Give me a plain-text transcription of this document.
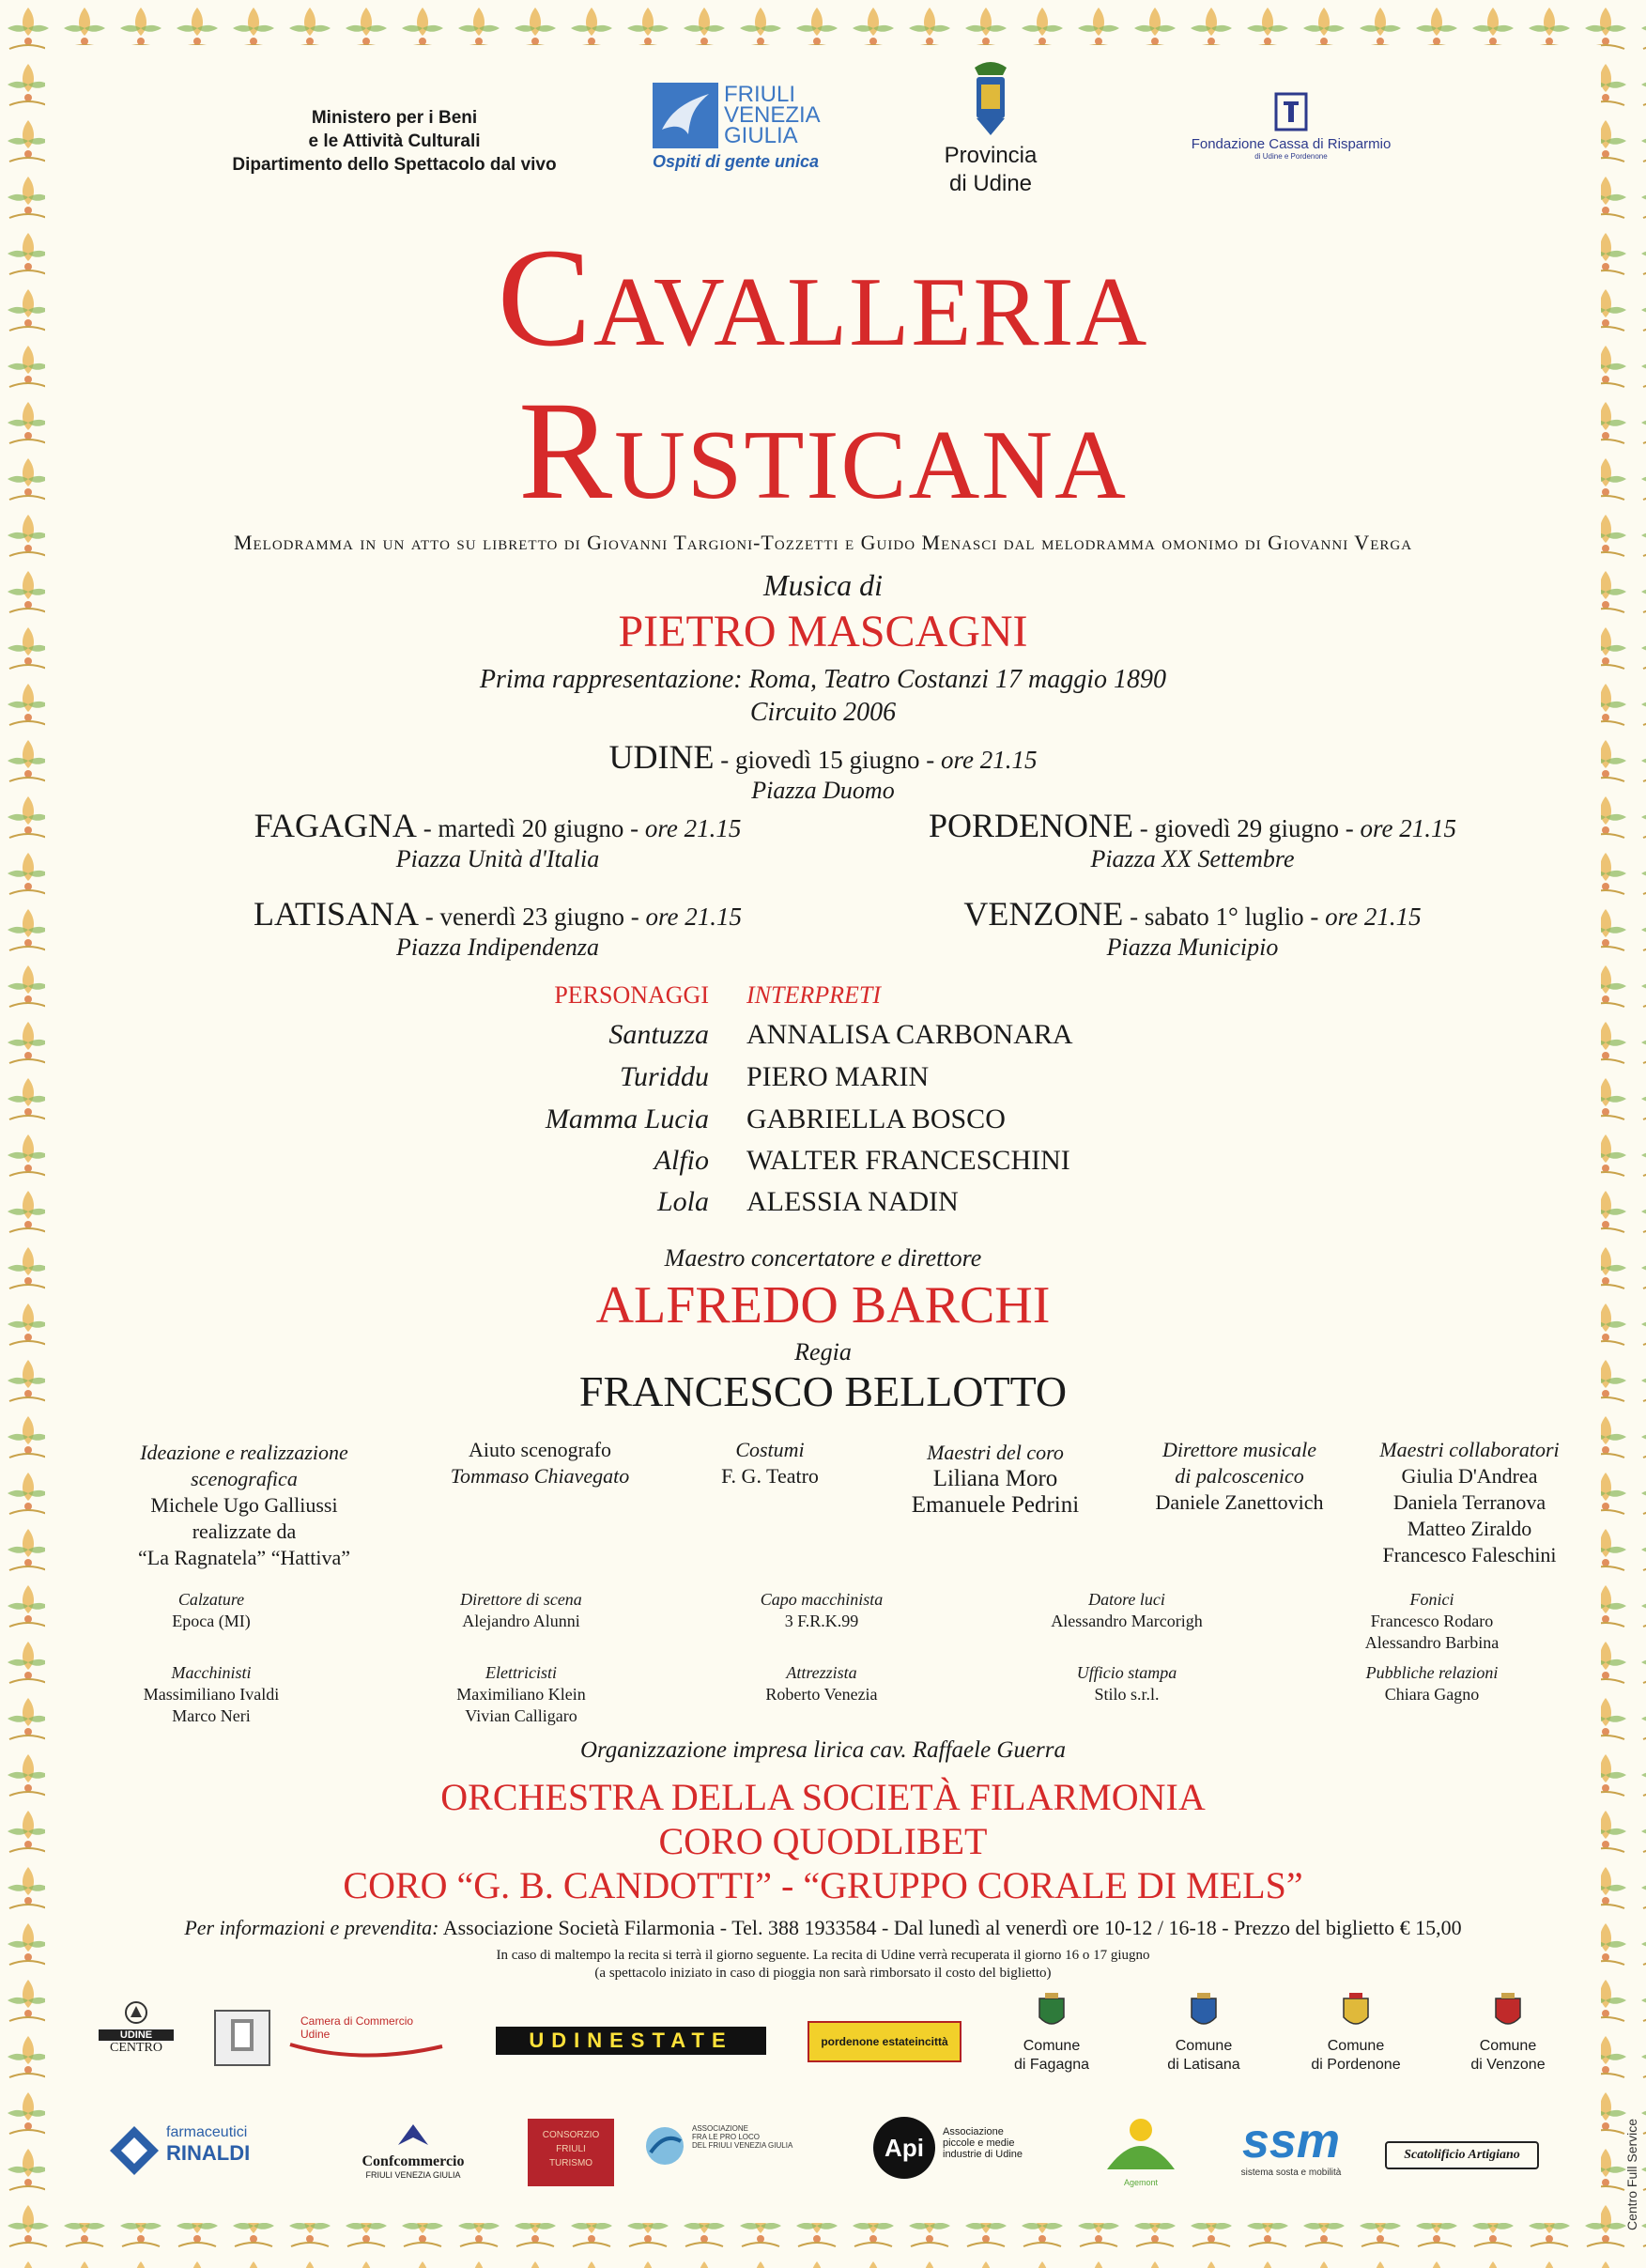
Ministero per i Beni
e le Attività Culturali
Dipartimento dello Spettacolo dal vivo
FRIULI
VENEZIA
GIULIA
Ospiti di gente unica	Provincia
di Udine
Fondazione Cassa di Risparmio
di Udine e Pordenone
Cavalleria
Rusticana
Melodramma in un atto su libretto di Giovanni Targioni-Tozzetti e Guido Menasci dal melodramma omonimo di Giovanni Verga
Musica di
PIETRO MASCAGNI
Prima rappresentazione: Roma, Teatro Costanzi 17 maggio 1890
Circuito 2006
UDINE - giovedì 15 giugno - ore 21.15
Piazza Duomo
FAGAGNA - martedì 20 giugno - ore 21.15
Piazza Unità d'Italia
PORDENONE - giovedì 29 giugno - ore 21.15
Piazza XX Settembre
LATISANA - venerdì 23 giugno - ore 21.15
Piazza Indipendenza
VENZONE - sabato 1° luglio - ore 21.15
Piazza Municipio
PERSONAGGI INTERPRETI
Santuzza ANNALISA CARBONARA
Turiddu PIERO MARIN
Mamma Lucia GABRIELLA BOSCO
Alfio WALTER FRANCESCHINI
Lola ALESSIA NADIN
Maestro concertatore e direttore
ALFREDO BARCHI
Regia
FRANCESCO BELLOTTO
Ideazione e realizzazione
scenografica
Michele Ugo Galliussi
realizzate da
“La Ragnatela” “Hattiva”
Aiuto scenografo
Tommaso Chiavegato
Costumi
F. G. Teatro
Maestri del coro
Liliana Moro
Emanuele Pedrini
Direttore musicale
di palcoscenico
Daniele Zanettovich
Maestri collaboratori
Giulia D'Andrea
Daniela Terranova
Matteo Ziraldo
Francesco Faleschini
Calzature
Epoca (MI)
Direttore di scena
Alejandro Alunni
Capo macchinista
3 F.R.K.99
Datore luci
Alessandro Marcorigh
Fonici
Francesco Rodaro
Alessandro Barbina
Macchinisti
Massimiliano Ivaldi
Marco Neri
Elettricisti
Maximiliano Klein
Vivian Calligaro
Attrezzista
Roberto Venezia
Ufficio stampa
Stilo s.r.l.
Pubbliche relazioni
Chiara Gagno
Organizzazione impresa lirica cav. Raffaele Guerra
ORCHESTRA DELLA SOCIETÀ FILARMONIA
CORO QUODLIBET
CORO “G. B. CANDOTTI” - “GRUPPO CORALE DI MELS”
Per informazioni e prevendita: Associazione Società Filarmonia - Tel. 388 1933584 - Dal lunedì al venerdì ore 10-12 / 16-18 - Prezzo del biglietto € 15,00
In caso di maltempo la recita si terrà il giorno seguente. La recita di Udine verrà recuperata il giorno 16 o 17 giugno
(a spettacolo iniziato in caso di pioggia non sarà rimborsato il costo del biglietto)
UDINE
CENTRO
Camera di Commercio
Udine	UDINESTATE	pordenone estateincittà	Comune
di Fagagna
Comune
di Latisana
Comune
di Pordenone
Comune
di Venzone
farmaceutici
RINALDI	Confcommercio
FRIULI VENEZIA GIULIA
CONSORZIO
FRIULI
TURISMO
ASSOCIAZIONE
FRA LE PRO LOCO
DEL FRIULI VENEZIA GIULIA	Api
Associazione
piccole e medie
industrie di Udine
Agemont
ssm
sistema sosta e mobilità
Scatolificio Artigiano	Centro Full Service
